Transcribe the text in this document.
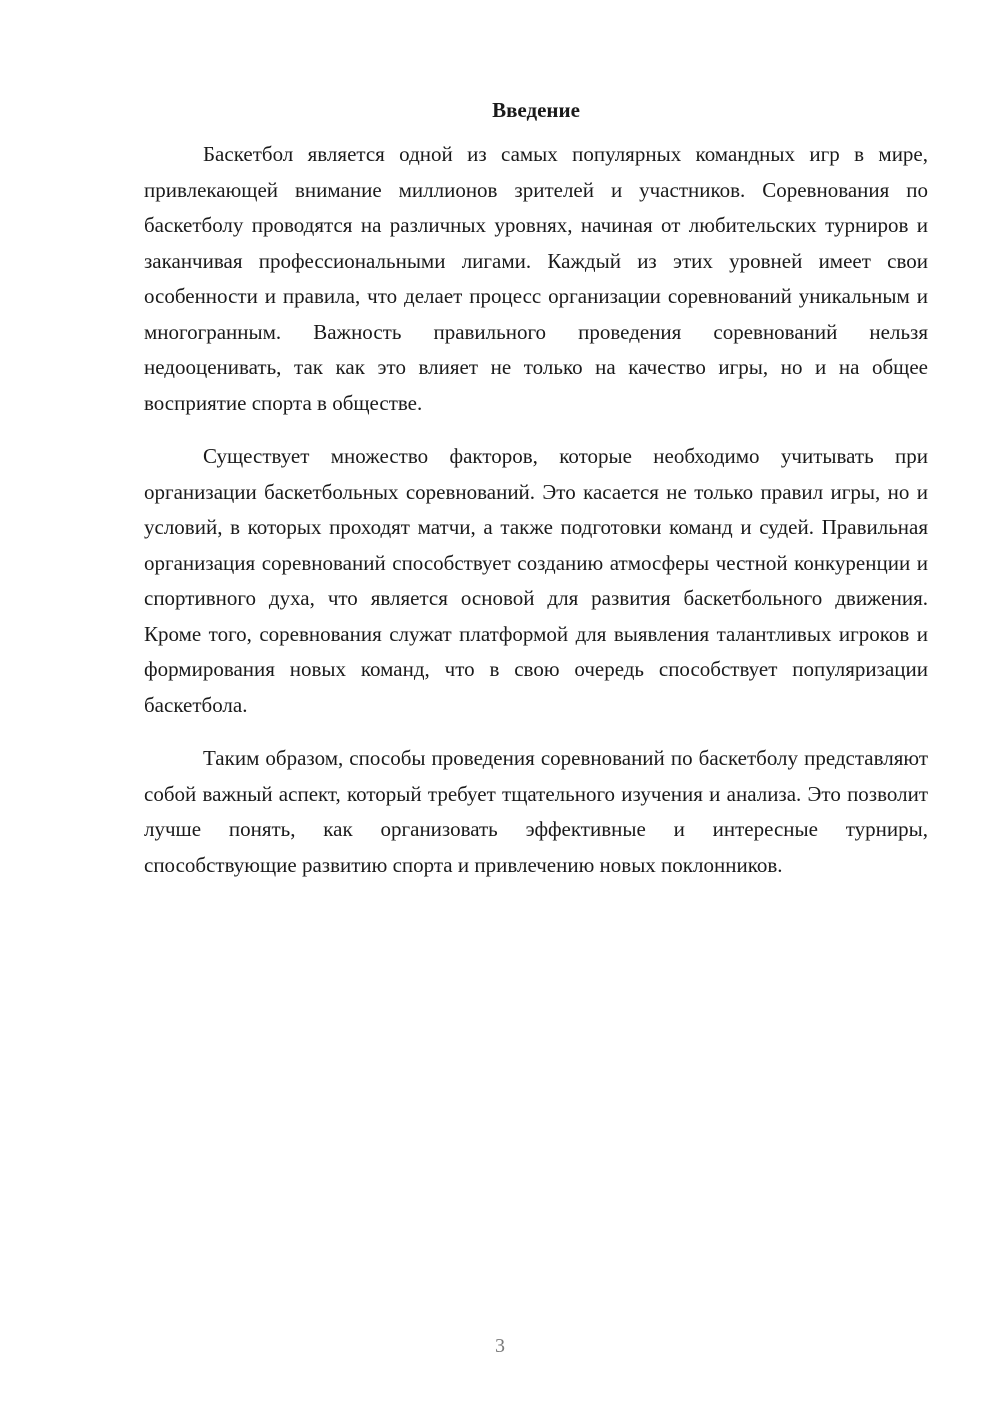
Введение

Баскетбол является одной из самых популярных командных игр в мире, привлекающей внимание миллионов зрителей и участников. Соревнования по баскетболу проводятся на различных уровнях, начиная от любительских турниров и заканчивая профессиональными лигами. Каждый из этих уровней имеет свои особенности и правила, что делает процесс организации соревнований уникальным и многогранным. Важность правильного проведения соревнований нельзя недооценивать, так как это влияет не только на качество игры, но и на общее восприятие спорта в обществе.

Существует множество факторов, которые необходимо учитывать при организации баскетбольных соревнований. Это касается не только правил игры, но и условий, в которых проходят матчи, а также подготовки команд и судей. Правильная организация соревнований способствует созданию атмосферы честной конкуренции и спортивного духа, что является основой для развития баскетбольного движения. Кроме того, соревнования служат платформой для выявления талантливых игроков и формирования новых команд, что в свою очередь способствует популяризации баскетбола.

Таким образом, способы проведения соревнований по баскетболу представляют собой важный аспект, который требует тщательного изучения и анализа. Это позволит лучше понять, как организовать эффективные и интересные турниры, способствующие развитию спорта и привлечению новых поклонников.

3
